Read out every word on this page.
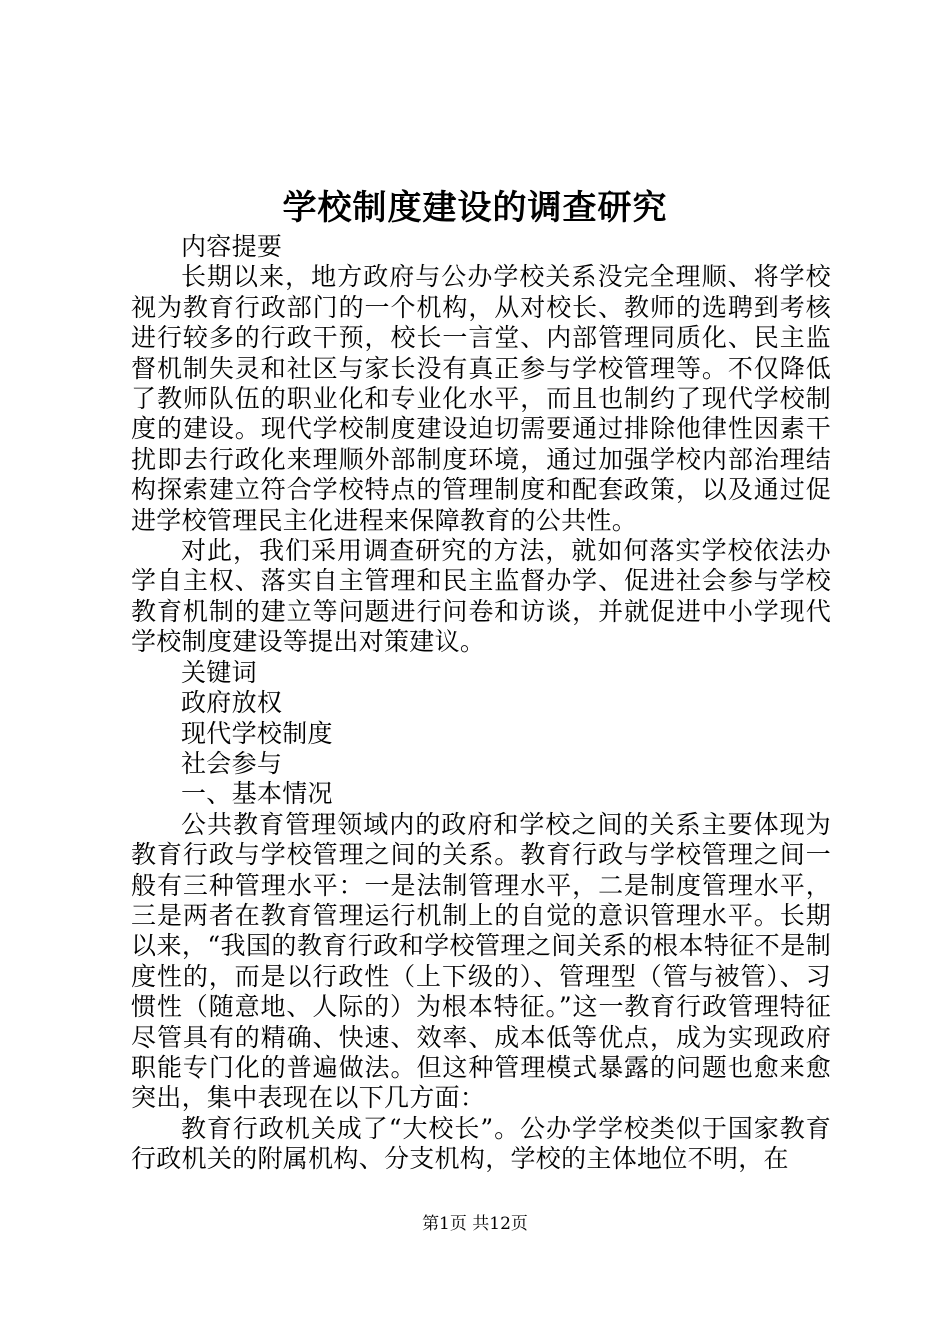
学校制度建设的调查研究

内容提要

长期以来，地方政府与公办学校关系没完全理顺、将学校视为教育行政部门的一个机构，从对校长、教师的选聘到考核进行较多的行政干预，校长一言堂、内部管理同质化、民主监督机制失灵和社区与家长没有真正参与学校管理等。不仅降低了教师队伍的职业化和专业化水平，而且也制约了现代学校制度的建设。现代学校制度建设迫切需要通过排除他律性因素干扰即去行政化来理顺外部制度环境，通过加强学校内部治理结构探索建立符合学校特点的管理制度和配套政策，以及通过促进学校管理民主化进程来保障教育的公共性。

对此，我们采用调查研究的方法，就如何落实学校依法办学自主权、落实自主管理和民主监督办学、促进社会参与学校教育机制的建立等问题进行问卷和访谈，并就促进中小学现代学校制度建设等提出对策建议。

关键词

政府放权

现代学校制度

社会参与

一、基本情况

公共教育管理领域内的政府和学校之间的关系主要体现为教育行政与学校管理之间的关系。教育行政与学校管理之间一般有三种管理水平：一是法制管理水平，二是制度管理水平，三是两者在教育管理运行机制上的自觉的意识管理水平。长期以来，“我国的教育行政和学校管理之间关系的根本特征不是制度性的，而是以行政性（上下级的）、管理型（管与被管）、习惯性（随意地、人际的）为根本特征。”这一教育行政管理特征尽管具有的精确、快速、效率、成本低等优点，成为实现政府职能专门化的普遍做法。但这种管理模式暴露的问题也愈来愈突出，集中表现在以下几方面：

教育行政机关成了“大校长”。公办学学校类似于国家教育行政机关的附属机构、分支机构，学校的主体地位不明，在

第1页 共12页
